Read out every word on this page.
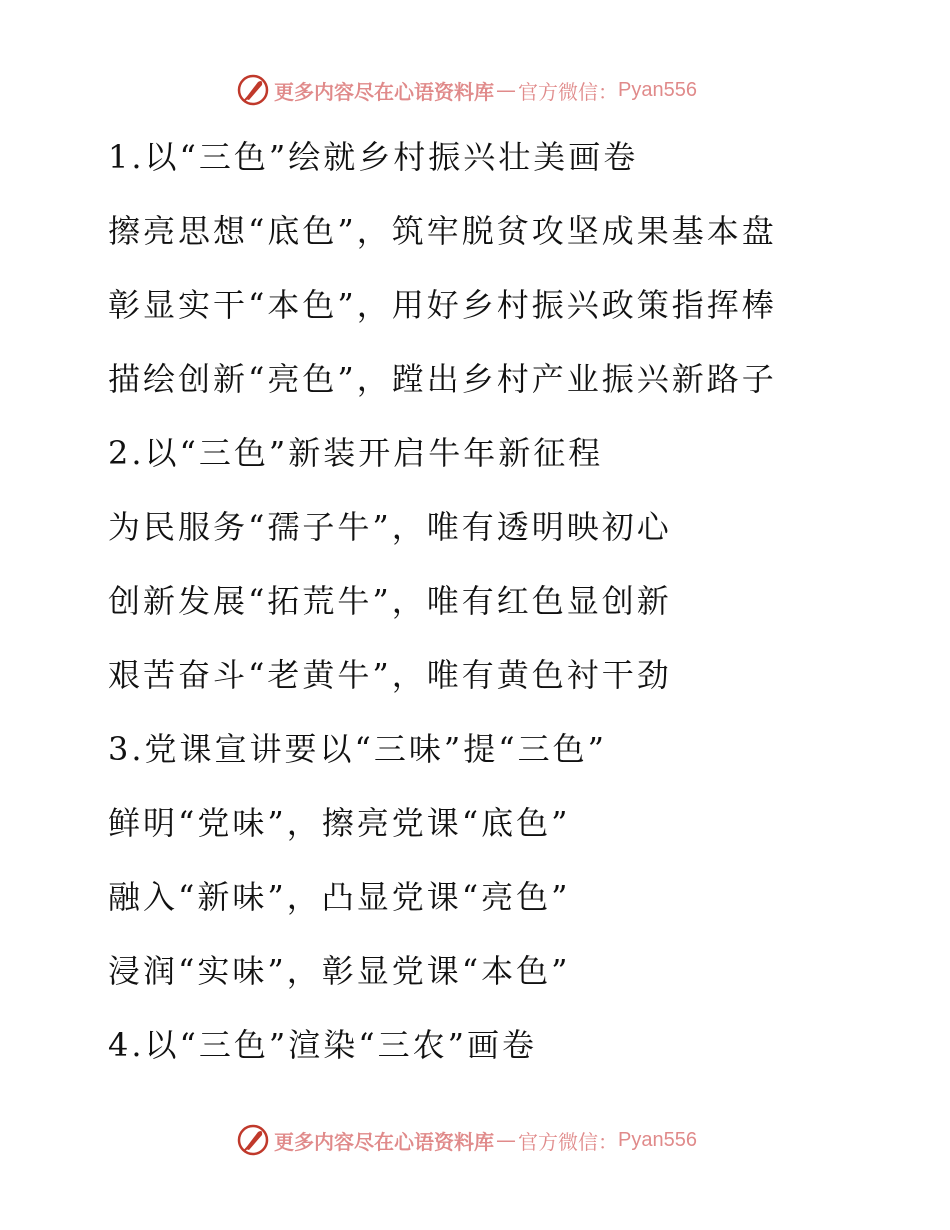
更多内容尽在心语资料库 — 官方微信： Pyan556
1.以“三色”绘就乡村振兴壮美画卷
擦亮思想“底色”，筑牢脱贫攻坚成果基本盘
彰显实干“本色”，用好乡村振兴政策指挥棒
描绘创新“亮色”，蹚出乡村产业振兴新路子
2.以“三色”新装开启牛年新征程
为民服务“孺子牛”，唯有透明映初心
创新发展“拓荒牛”，唯有红色显创新
艰苦奋斗“老黄牛”，唯有黄色衬干劲
3.党课宣讲要以“三味”提“三色”
鲜明“党味”，擦亮党课“底色”
融入“新味”，凸显党课“亮色”
浸润“实味”，彰显党课“本色”
4.以“三色”渲染“三农”画卷
更多内容尽在心语资料库 — 官方微信： Pyan556
